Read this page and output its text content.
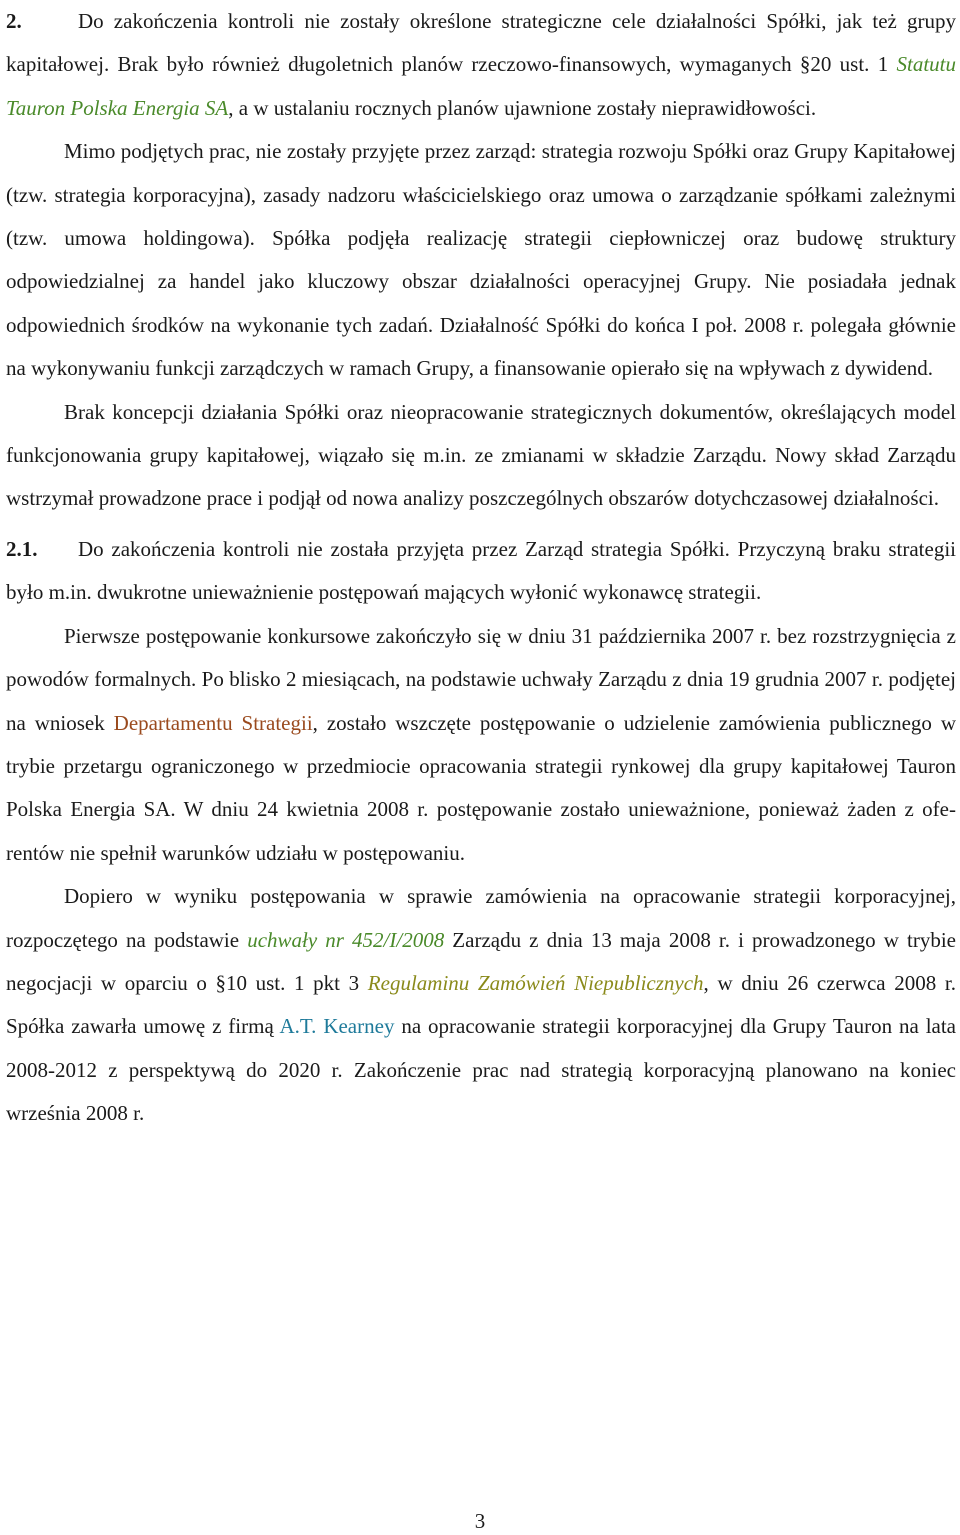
2.	Do zakończenia kontroli nie zostały określone strategiczne cele działalności Spółki, jak też grupy kapitałowej. Brak było również długoletnich planów rzeczowo-finansowych, wymaganych §20 ust. 1 Statutu Tauron Polska Energia SA, a w ustalaniu rocznych planów ujawnione zostały nieprawidłowości.

Mimo podjętych prac, nie zostały przyjęte przez zarząd: strategia rozwoju Spółki oraz Grupy Kapitałowej (tzw. strategia korporacyjna), zasady nadzoru właścicielskiego oraz umowa o zarządzanie spółkami zależnymi (tzw. umowa holdingowa). Spółka podjęła realizację strategii ciepłowniczej oraz budowę struktury odpowiedzialnej za handel jako kluczowy obszar działalności operacyjnej Grupy. Nie posiadała jednak odpowiednich środków na wykonanie tych zadań. Działalność Spółki do końca I poł. 2008 r. polegała głównie na wykonywaniu funkcji zarządczych w ramach Grupy, a finansowanie opierało się na wpływach z dywidend.

Brak koncepcji działania Spółki oraz nieopracowanie strategicznych dokumentów, określających model funkcjonowania grupy kapitałowej, wiązało się m.in. ze zmianami w składzie Zarządu. Nowy skład Zarządu wstrzymał prowadzone prace i podjął od nowa analizy poszczególnych obszarów dotychczasowej działalności.

2.1. Do zakończenia kontroli nie została przyjęta przez Zarząd strategia Spółki. Przyczyną braku strategii było m.in. dwukrotne unieważnienie postępowań mających wyłonić wykonawcę strategii.

Pierwsze postępowanie konkursowe zakończyło się w dniu 31 października 2007 r. bez rozstrzygnięcia z powodów formalnych. Po blisko 2 miesiącach, na podstawie uchwały Zarządu z dnia 19 grudnia 2007 r. podjętej na wniosek Departamentu Strategii, zostało wszczęte postępowanie o udzielenie zamówienia publicznego w trybie przetargu ograniczonego w przedmiocie opracowania strategii rynkowej dla grupy kapitałowej Tauron Polska Energia SA. W dniu 24 kwietnia 2008 r. postępowanie zostało unieważnione, ponieważ żaden z oferentów nie spełnił warunków udziału w postępowaniu.

Dopiero w wyniku postępowania w sprawie zamówienia na opracowanie strategii korporacyjnej, rozpoczętego na podstawie uchwały nr 452/I/2008 Zarządu z dnia 13 maja 2008 r. i prowadzonego w trybie negocjacji w oparciu o §10 ust. 1 pkt 3 Regulaminu Zamówień Niepublicznych, w dniu 26 czerwca 2008 r. Spółka zawarła umowę z firmą A.T. Kearney na opracowanie strategii korporacyjnej dla Grupy Tauron na lata 2008-2012 z perspektywą do 2020 r. Zakończenie prac nad strategią korporacyjną planowano na koniec września 2008 r.

3
